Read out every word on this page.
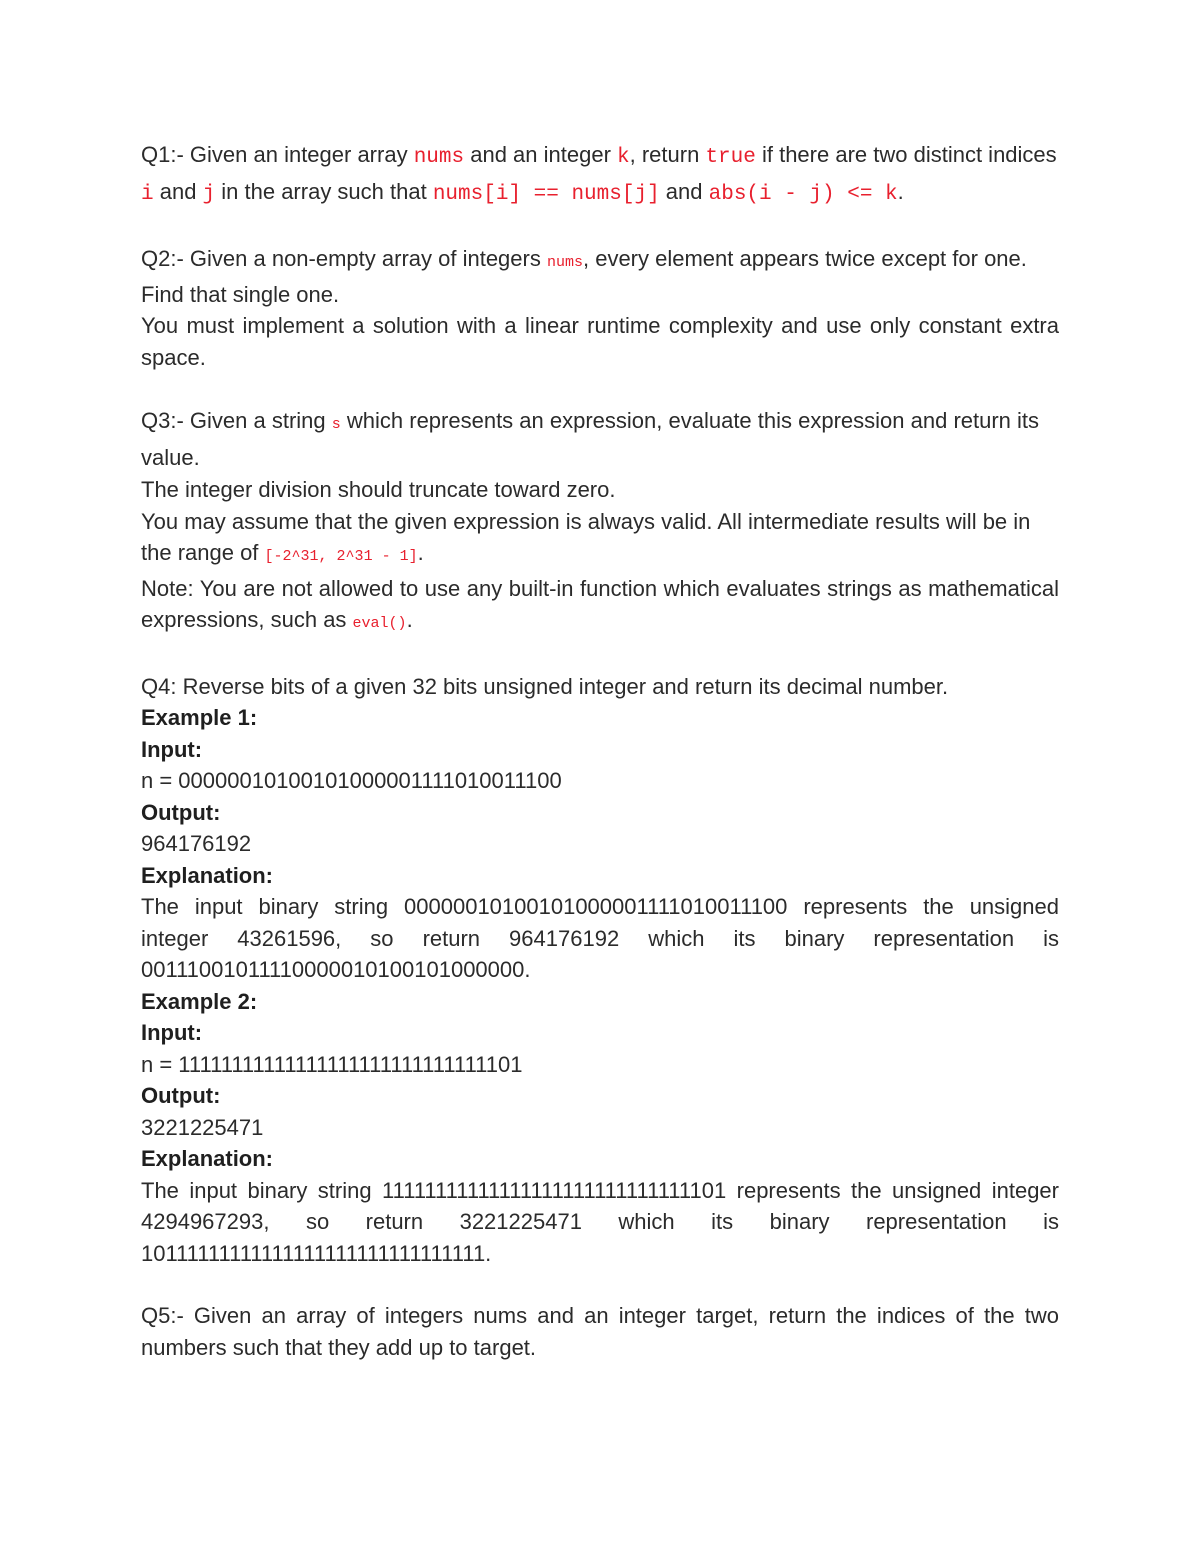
Q1:- Given an integer array nums and an integer k, return true if there are two distinct indices i and j in the array such that nums[i] == nums[j] and abs(i - j) <= k.

Q2:- Given a non-empty array of integers nums, every element appears twice except for one. Find that single one.

You must implement a solution with a linear runtime complexity and use only constant extra space.

Q3:- Given a string s which represents an expression, evaluate this expression and return its value.

The integer division should truncate toward zero.

You may assume that the given expression is always valid. All intermediate results will be in the range of [-2^31, 2^31 - 1].

Note: You are not allowed to use any built-in function which evaluates strings as mathematical expressions, such as eval().

Q4: Reverse bits of a given 32 bits unsigned integer and return its decimal number.

Example 1:

Input:

n = 00000010100101000001111010011100

Output:

964176192

Explanation:

The input binary string 00000010100101000001111010011100 represents the unsigned integer 43261596, so return 964176192 which its binary representation is 00111001011110000010100101000000.

Example 2:

Input:

n = 11111111111111111111111111111101

Output:

3221225471

Explanation:

The input binary string 11111111111111111111111111111101 represents the unsigned integer 4294967293, so return 3221225471 which its binary representation is 10111111111111111111111111111111.

Q5:- Given an array of integers nums and an integer target, return the indices of the two numbers such that they add up to target.
